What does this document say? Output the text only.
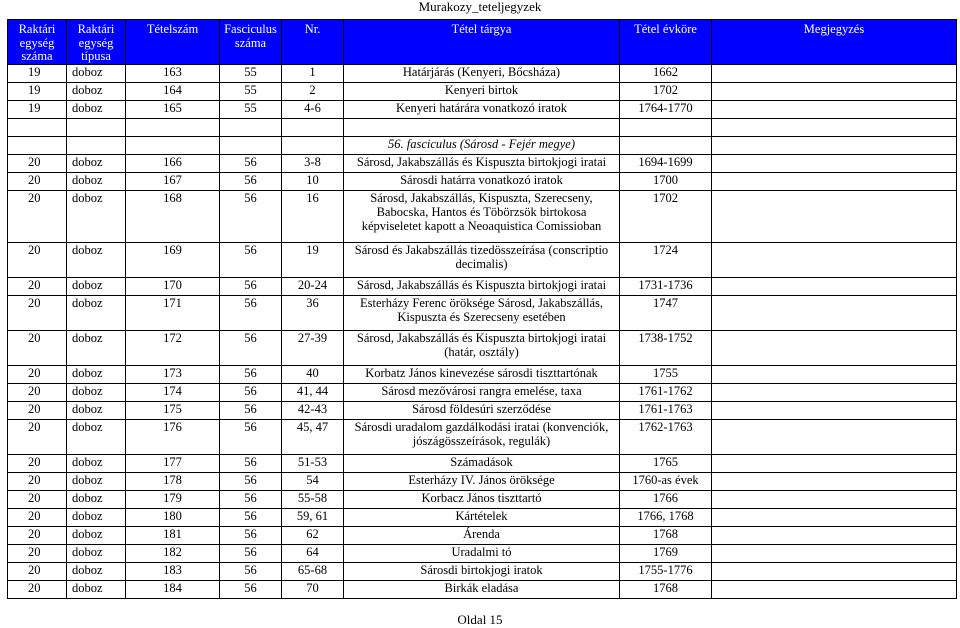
Murakozy_teteljegyzek
Raktári egység száma	Raktári egység típusa	Tételszám	Fasciculus száma	Nr.	Tétel tárgya	Tétel évköre	Megjegyzés
19	doboz	163	55	1	Határjárás (Kenyeri, Bőcsháza)	1662	
19	doboz	164	55	2	Kenyeri birtok	1702	
19	doboz	165	55	4-6	Kenyeri határára vonatkozó iratok	1764-1770	

					56. fasciculus (Sárosd - Fejér megye)		
20	doboz	166	56	3-8	Sárosd, Jakabszállás és Kispuszta birtokjogi iratai	1694-1699	
20	doboz	167	56	10	Sárosdi határra vonatkozó iratok	1700	
20	doboz	168	56	16	Sárosd, Jakabszállás, Kispuszta, Szerecseny, Babocska, Hantos és Töbörzsök birtokosa képviseletet kapott a Neoaquistica Comissioban	1702	
20	doboz	169	56	19	Sárosd és Jakabszállás tizedösszeírása (conscriptio decimalis)	1724	
20	doboz	170	56	20-24	Sárosd, Jakabszállás és Kispuszta birtokjogi iratai	1731-1736	
20	doboz	171	56	36	Esterházy Ferenc öröksége Sárosd, Jakabszállás, Kispuszta és Szerecseny esetében	1747	
20	doboz	172	56	27-39	Sárosd, Jakabszállás és Kispuszta birtokjogi iratai (határ, osztály)	1738-1752	
20	doboz	173	56	40	Korbatz János kinevezése sárosdi tiszttartónak	1755	
20	doboz	174	56	41, 44	Sárosd mezővárosi rangra emelése, taxa	1761-1762	
20	doboz	175	56	42-43	Sárosd földesúri szerződése	1761-1763	
20	doboz	176	56	45, 47	Sárosdi uradalom gazdálkodási iratai (konvenciók, jószágösszeírások, regulák)	1762-1763	
20	doboz	177	56	51-53	Számadások	1765	
20	doboz	178	56	54	Esterházy IV. János öröksége	1760-as évek	
20	doboz	179	56	55-58	Korbacz János tiszttartó	1766	
20	doboz	180	56	59, 61	Kártételek	1766, 1768	
20	doboz	181	56	62	Árenda	1768	
20	doboz	182	56	64	Uradalmi tó	1769	
20	doboz	183	56	65-68	Sárosdi birtokjogi iratok	1755-1776	
20	doboz	184	56	70	Birkák eladása	1768	
Oldal 15
